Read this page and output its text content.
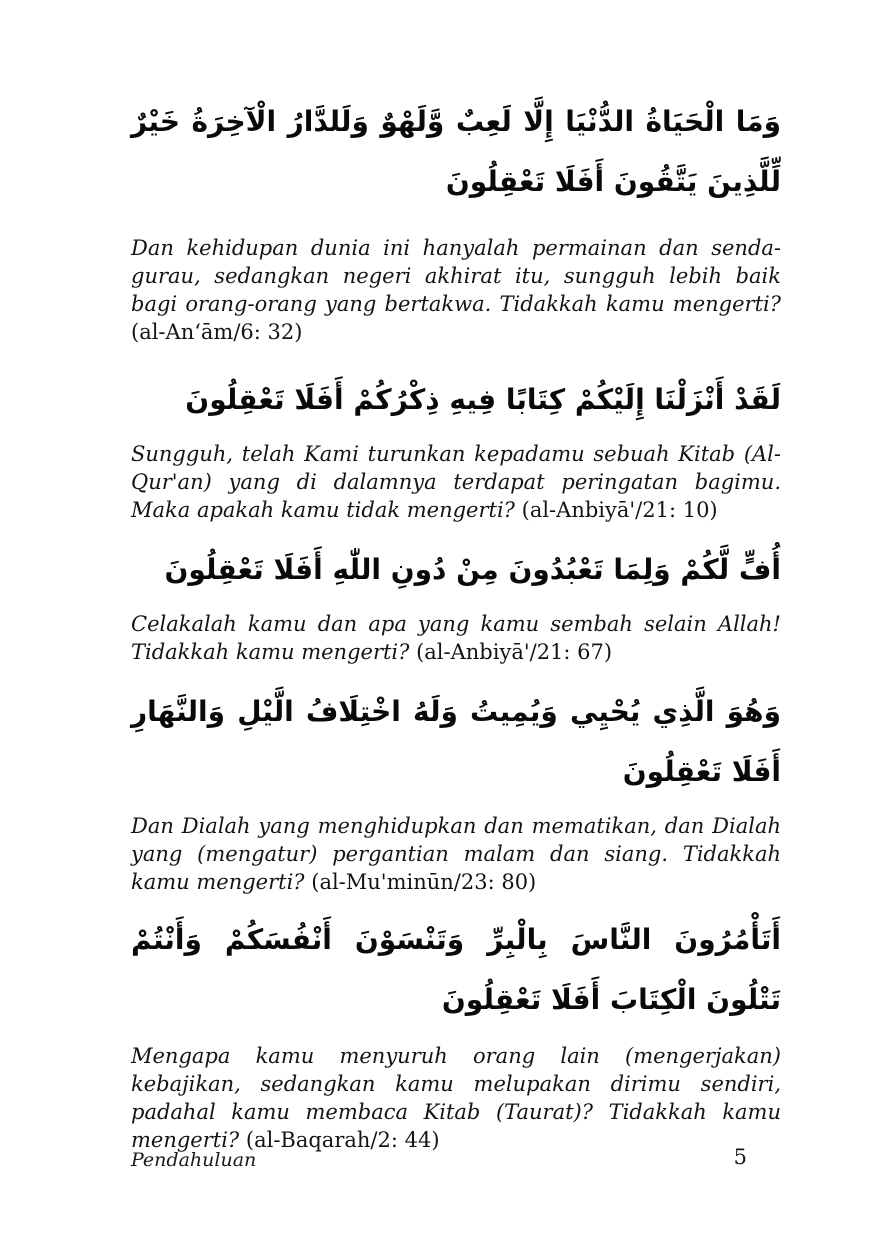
وَمَا الْحَيَاةُ الدُّنْيَا إِلَّا لَعِبٌ وَّلَهْوٌ وَلَلدَّارُ الْآخِرَةُ خَيْرٌ لِّلَّذِينَ يَتَّقُونَ أَفَلَا تَعْقِلُونَ

Dan kehidupan dunia ini hanyalah permainan dan senda-gurau, sedangkan negeri akhirat itu, sungguh lebih baik bagi orang-orang yang bertakwa. Tidakkah kamu mengerti? (al-An‘ām/6: 32)

لَقَدْ أَنْزَلْنَا إِلَيْكُمْ كِتَابًا فِيهِ ذِكْرُكُمْ أَفَلَا تَعْقِلُونَ

Sungguh, telah Kami turunkan kepadamu sebuah Kitab (Al-Qur'an) yang di dalamnya terdapat peringatan bagimu. Maka apakah kamu tidak mengerti? (al-Anbiyā'/21: 10)

أُفٍّ لَّكُمْ وَلِمَا تَعْبُدُونَ مِنْ دُونِ اللّٰهِ أَفَلَا تَعْقِلُونَ

Celakalah kamu dan apa yang kamu sembah selain Allah! Tidakkah kamu mengerti? (al-Anbiyā'/21: 67)

وَهُوَ الَّذِي يُحْيِي وَيُمِيتُ وَلَهُ اخْتِلَافُ الَّيْلِ وَالنَّهَارِ أَفَلَا تَعْقِلُونَ

Dan Dialah yang menghidupkan dan mematikan, dan Dialah yang (mengatur) pergantian malam dan siang. Tidakkah kamu mengerti? (al-Mu'minūn/23: 80)

أَتَأْمُرُونَ النَّاسَ بِالْبِرِّ وَتَنْسَوْنَ أَنْفُسَكُمْ وَأَنْتُمْ تَتْلُونَ الْكِتَابَ أَفَلَا تَعْقِلُونَ

Mengapa kamu menyuruh orang lain (mengerjakan) kebajikan, sedangkan kamu melupakan dirimu sendiri, padahal kamu membaca Kitab (Taurat)? Tidakkah kamu mengerti? (al-Baqarah/2: 44)

Pendahuluan	5
